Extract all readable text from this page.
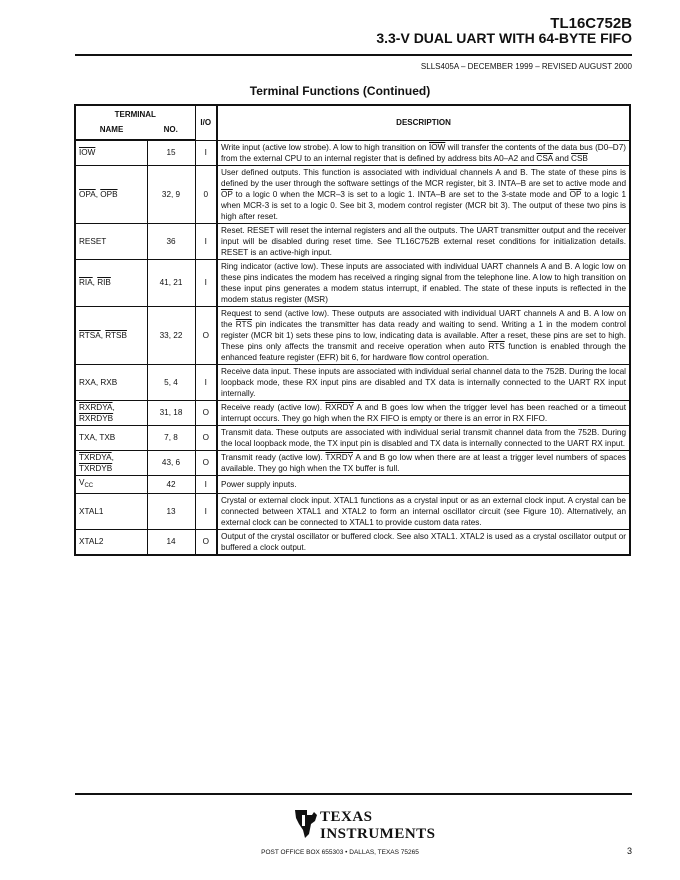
TL16C752B
3.3-V DUAL UART WITH 64-BYTE FIFO
SLLS405A – DECEMBER 1999 – REVISED AUGUST 2000
Terminal Functions (Continued)
TERMINAL		I/O	DESCRIPTION
NAME	NO.		
$\overline{IOW}$	15	I	Write input (active low strobe). A low to high transition on $\overline{IOW}$ will transfer the contents of the data bus (D0–D7) from the external CPU to an internal register that is defined by address bits A0–A2 and $\overline{CSA}$ and $\overline{CSB}$
$\overline{OPA}$, $\overline{OPB}$	32, 9	0	User defined outputs. This function is associated with individual channels A and B. The state of these pins is defined by the user through the software settings of the MCR register, bit 3. INTA–B are set to active mode and $\overline{OP}$ to a logic 0 when the MCR–3 is set to a logic 1. INTA–B are set to the 3-state mode and $\overline{OP}$ to a logic 1 when MCR-3 is set to a logic 0. See bit 3, modem control register (MCR bit 3). The output of these two pins is high after reset.
RESET	36	I	Reset. RESET will reset the internal registers and all the outputs. The UART transmitter output and the receiver input will be disabled during reset time. See TL16C752B external reset conditions for initialization details. RESET is an active-high input.
$\overline{RIA}$, $\overline{RIB}$	41, 21	I	Ring indicator (active low). These inputs are associated with individual UART channels A and B. A logic low on these pins indicates the modem has received a ringing signal from the telephone line. A low to high transition on these input pins generates a modem status interrupt, if enabled. The state of these inputs is reflected in the modem status register (MSR)
RTSA, RTSB	33, 22	O	Request to send (active low). These outputs are associated with individual UART channels A and B. A low on the $\overline{RTS}$ pin indicates the transmitter has data ready and waiting to send. Writing a 1 in the modem control register (MCR bit 1) sets these pins to low, indicating data is available. After a reset, these pins are set to high. These pins only affects the transmit and receive operation when auto $\overline{RTS}$ function is enabled through the enhanced feature register (EFR) bit 6, for hardware flow control operation.
RXA, RXB	5, 4	I	Receive data input. These inputs are associated with individual serial channel data to the 752B. During the local loopback mode, these RX input pins are disabled and TX data is internally connected to the UART RX input internally.
RXRDYA,
RXRDYB	31, 18	O	Receive ready (active low). RXRDY A and B goes low when the trigger level has been reached or a timeout interrupt occurs. They go high when the RX FIFO is empty or there is an error in RX FIFO.
TXA, TXB	7, 8	O	Transmit data. These outputs are associated with individual serial transmit channel data from the 752B. During the local loopback mode, the TX input pin is disabled and TX data is internally connected to the UART RX input.
TXRDYA,
TXRDYB	43, 6	O	Transmit ready (active low). TXRDY A and B go low when there are at least a trigger level numbers of spaces available. They go high when the TX buffer is full.
$V_{CC}$	42	I	Power supply inputs.
XTAL1	13	I	Crystal or external clock input. XTAL1 functions as a crystal input or as an external clock input. A crystal can be connected between XTAL1 and XTAL2 to form an internal oscillator circuit (see Figure 10). Alternatively, an external clock can be connected to XTAL1 to provide custom data rates.
XTAL2	14	O	Output of the crystal oscillator or buffered clock. See also XTAL1. XTAL2 is used as a crystal oscillator output or buffered a clock output.
TEXAS
INSTRUMENTS
POST OFFICE BOX 655303 • DALLAS, TEXAS 75265	3
